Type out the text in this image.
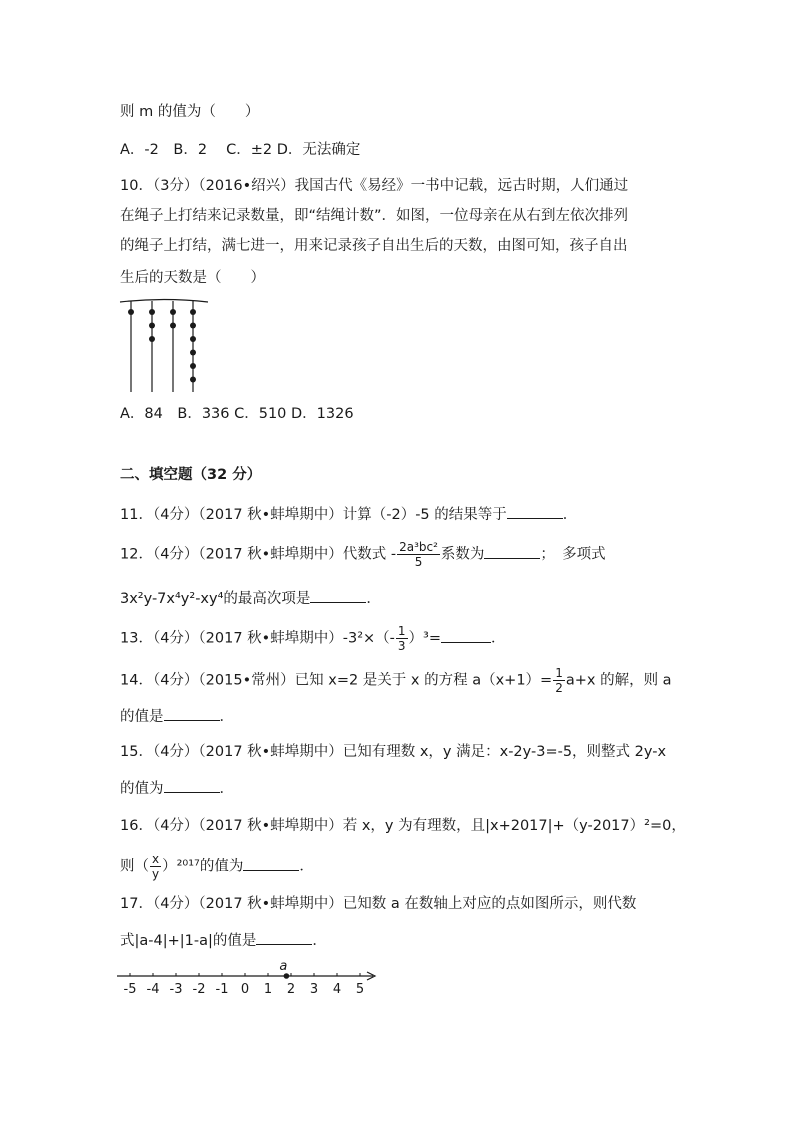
则 m 的值为（　　）
A．-2　B．2　 C．±2 D．无法确定
10．（3分）（2016•绍兴）我国古代《易经》一书中记载，远古时期，人们通过
在绳子上打结来记录数量，即“结绳计数”．如图，一位母亲在从右到左依次排列
的绳子上打结，满七进一，用来记录孩子自出生后的天数，由图可知，孩子自出
生后的天数是（　　）
A．84　B．336 C．510 D．1326
二、填空题（32 分）
11．（4分）（2017 秋•蚌埠期中）计算（-2）-5 的结果等于	．
12．（4分）（2017 秋•蚌埠期中）代数式 - $\frac{\text{2a³bc²}}{5}$ 系数为	；　多项式
3x²y-7x⁴y²-xy⁴的最高次项是	．
13．（4分）（2017 秋•蚌埠期中）$-3^2\times(- \frac{1}{3} )^3=$	．
14．（4分）（2015•常州）已知 x=2 是关于 x 的方程 $a(x+1)= \frac{1}{2} a+x$ 的解，则 a
的值是	．
15．（4分）（2017 秋•蚌埠期中）已知有理数 x，y 满足：x-2y-3=-5，则整式 2y-x
的值为	．
16．（4分）（2017 秋•蚌埠期中）若 x，y 为有理数，且|x+2017|+（y-2017）²=0，
则（ $\frac{x}{y} )^{2017}$的值为	．
17．（4分）（2017 秋•蚌埠期中）已知数 a 在数轴上对应的点如图所示，则代数
式|a-4|+|1-a|的值是	．
-5 -4 -3 -2 -1 0 1 2 3 4 5
a
